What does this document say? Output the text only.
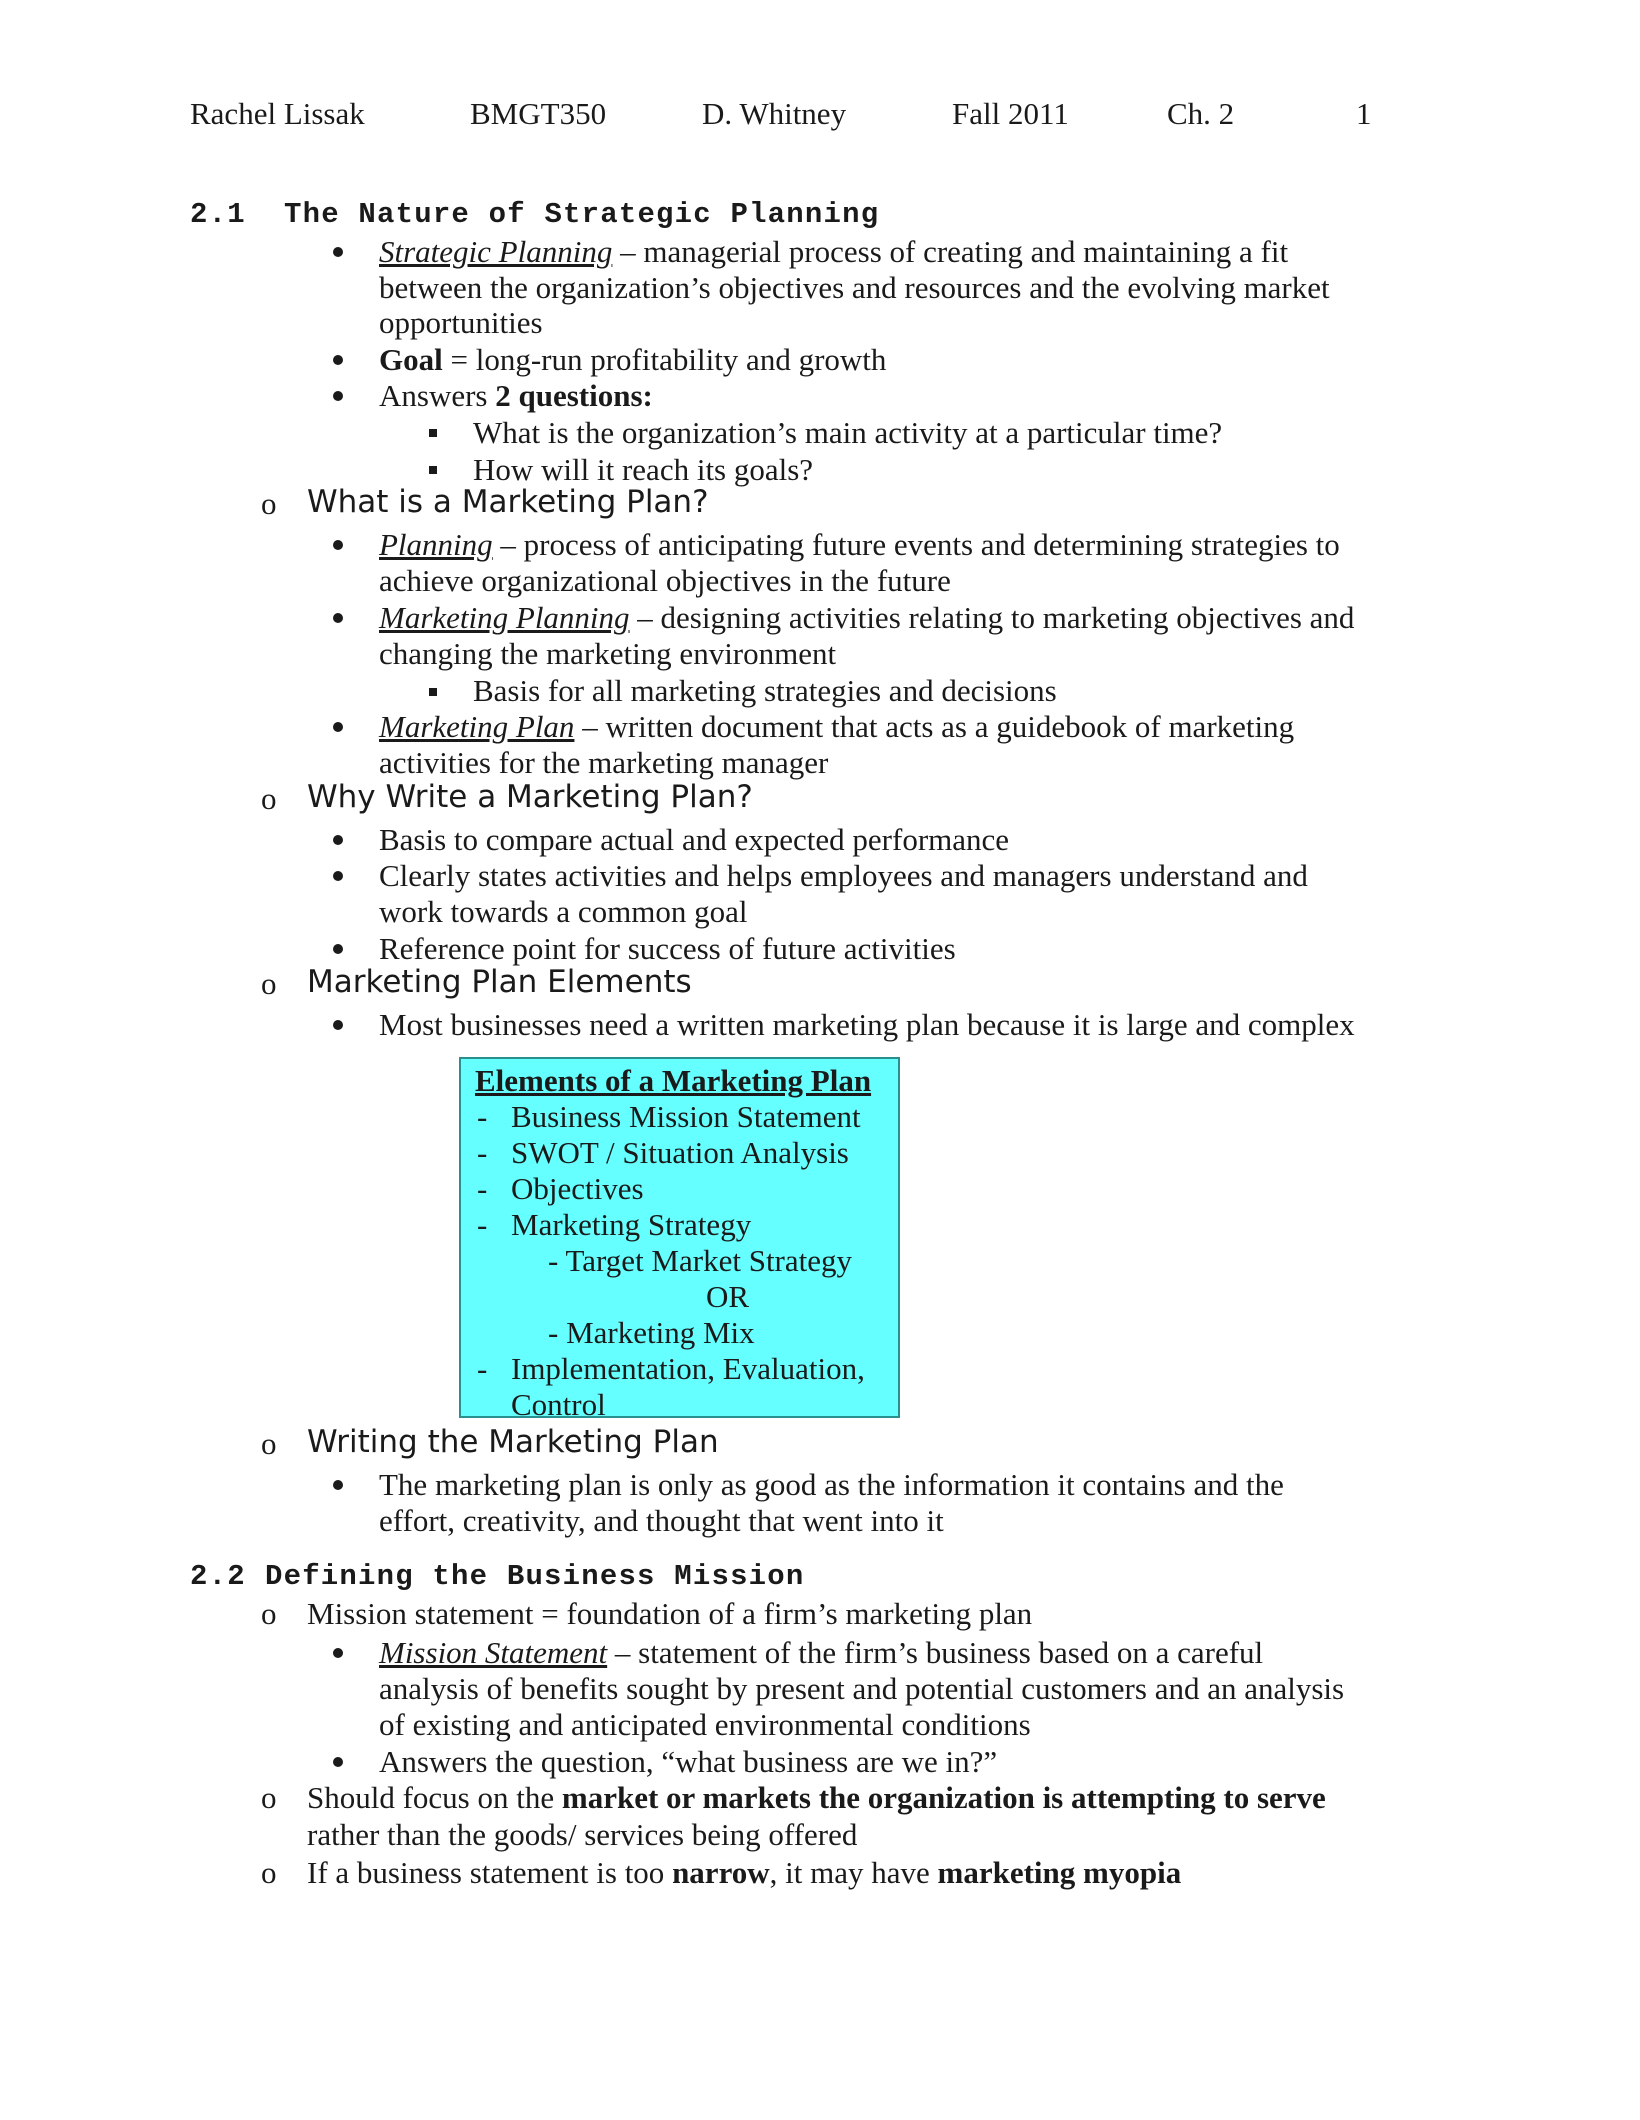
Rachel Lissak	BMGT350	D. Whitney	Fall 2011	Ch. 2	1
2.1 The Nature of Strategic Planning
Strategic Planning – managerial process of creating and maintaining a fit
between the organization’s objectives and resources and the evolving market
opportunities
Goal = long-run profitability and growth
Answers 2 questions:
What is the organization’s main activity at a particular time?
How will it reach its goals?
o What is a Marketing Plan?
Planning – process of anticipating future events and determining strategies to
achieve organizational objectives in the future
Marketing Planning – designing activities relating to marketing objectives and
changing the marketing environment
Basis for all marketing strategies and decisions
Marketing Plan – written document that acts as a guidebook of marketing
activities for the marketing manager
o Why Write a Marketing Plan?
Basis to compare actual and expected performance
Clearly states activities and helps employees and managers understand and
work towards a common goal
Reference point for success of future activities
o Marketing Plan Elements
Most businesses need a written marketing plan because it is large and complex
Elements of a Marketing Plan
- Business Mission Statement
- SWOT / Situation Analysis
- Objectives
- Marketing Strategy
- Target Market Strategy
OR
- Marketing Mix
- Implementation, Evaluation,
Control
o Writing the Marketing Plan
The marketing plan is only as good as the information it contains and the
effort, creativity, and thought that went into it
2.2 Defining the Business Mission
o Mission statement = foundation of a firm’s marketing plan
Mission Statement – statement of the firm’s business based on a careful
analysis of benefits sought by present and potential customers and an analysis
of existing and anticipated environmental conditions
Answers the question, “what business are we in?”
o Should focus on the market or markets the organization is attempting to serve
rather than the goods/ services being offered
o If a business statement is too narrow, it may have marketing myopia
